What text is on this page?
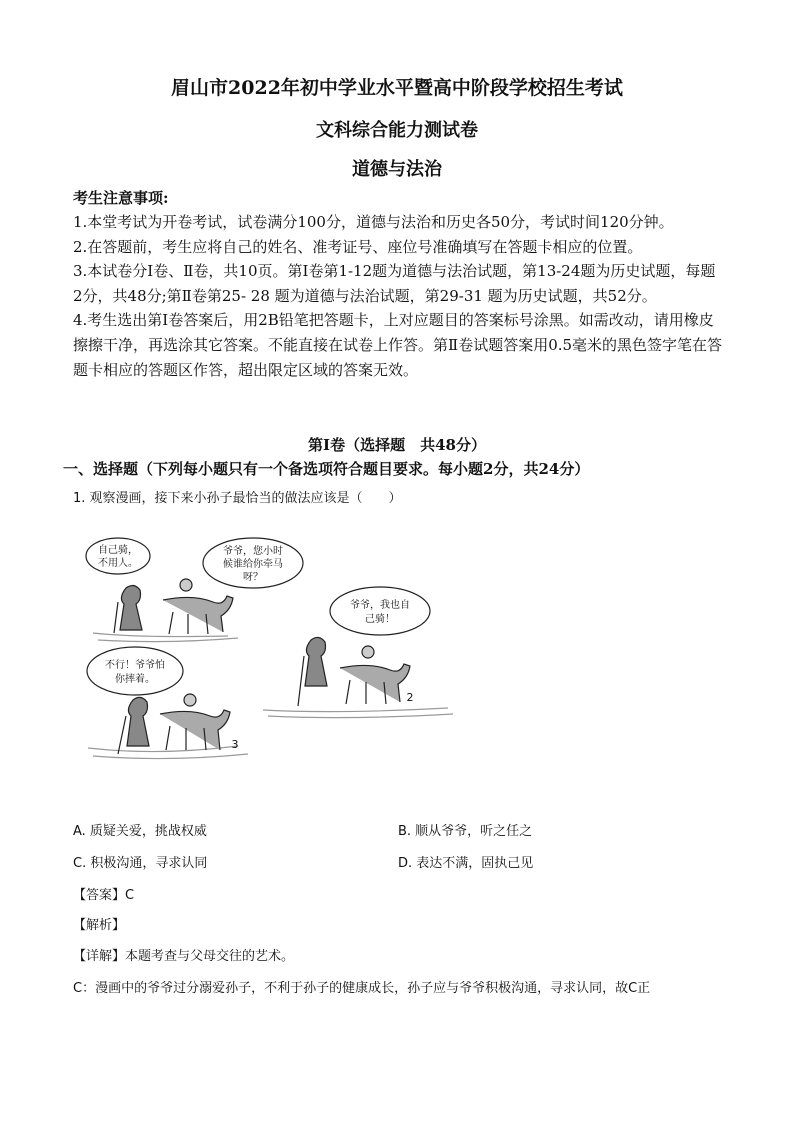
眉山市2022年初中学业水平暨高中阶段学校招生考试
文科综合能力测试卷
道德与法治
考生注意事项:

1.本堂考试为开卷考试，试卷满分100分，道德与法治和历史各50分，考试时间120分钟。

2.在答题前，考生应将自己的姓名、准考证号、座位号准确填写在答题卡相应的位置。

3.本试卷分Ⅰ卷、Ⅱ卷，共10页。第Ⅰ卷第1-12题为道德与法治试题，第13-24题为历史试题，每题2分，共48分;第Ⅱ卷第25- 28 题为道德与法治试题，第29-31 题为历史试题，共52分。

4.考生选出第Ⅰ卷答案后，用2B铅笔把答题卡，上对应题目的答案标号涂黑。如需改动，请用橡皮擦擦干净，再选涂其它答案。不能直接在试卷上作答。第Ⅱ卷试题答案用0.5毫米的黑色签字笔在答题卡相应的答题区作答，超出限定区域的答案无效。

第Ⅰ卷（选择题　共48分）
一、选择题（下列每小题只有一个备选项符合题目要求。每小题2分，共24分）
1. 观察漫画，接下来小孙子最恰当的做法应该是（　　）
自己骑，
不用人。
爷爷，您小时
候谁给你牵马
呀？
爷爷，我也自
己骑！
不行！爷爷怕
你摔着。
2
3
A. 质疑关爱，挑战权威	B. 顺从爷爷，听之任之
C. 积极沟通，寻求认同	D. 表达不满，固执己见
【答案】C
【解析】
【详解】本题考查与父母交往的艺术。
C：漫画中的爷爷过分溺爱孙子，不利于孙子的健康成长，孙子应与爷爷积极沟通，寻求认同，故C正
